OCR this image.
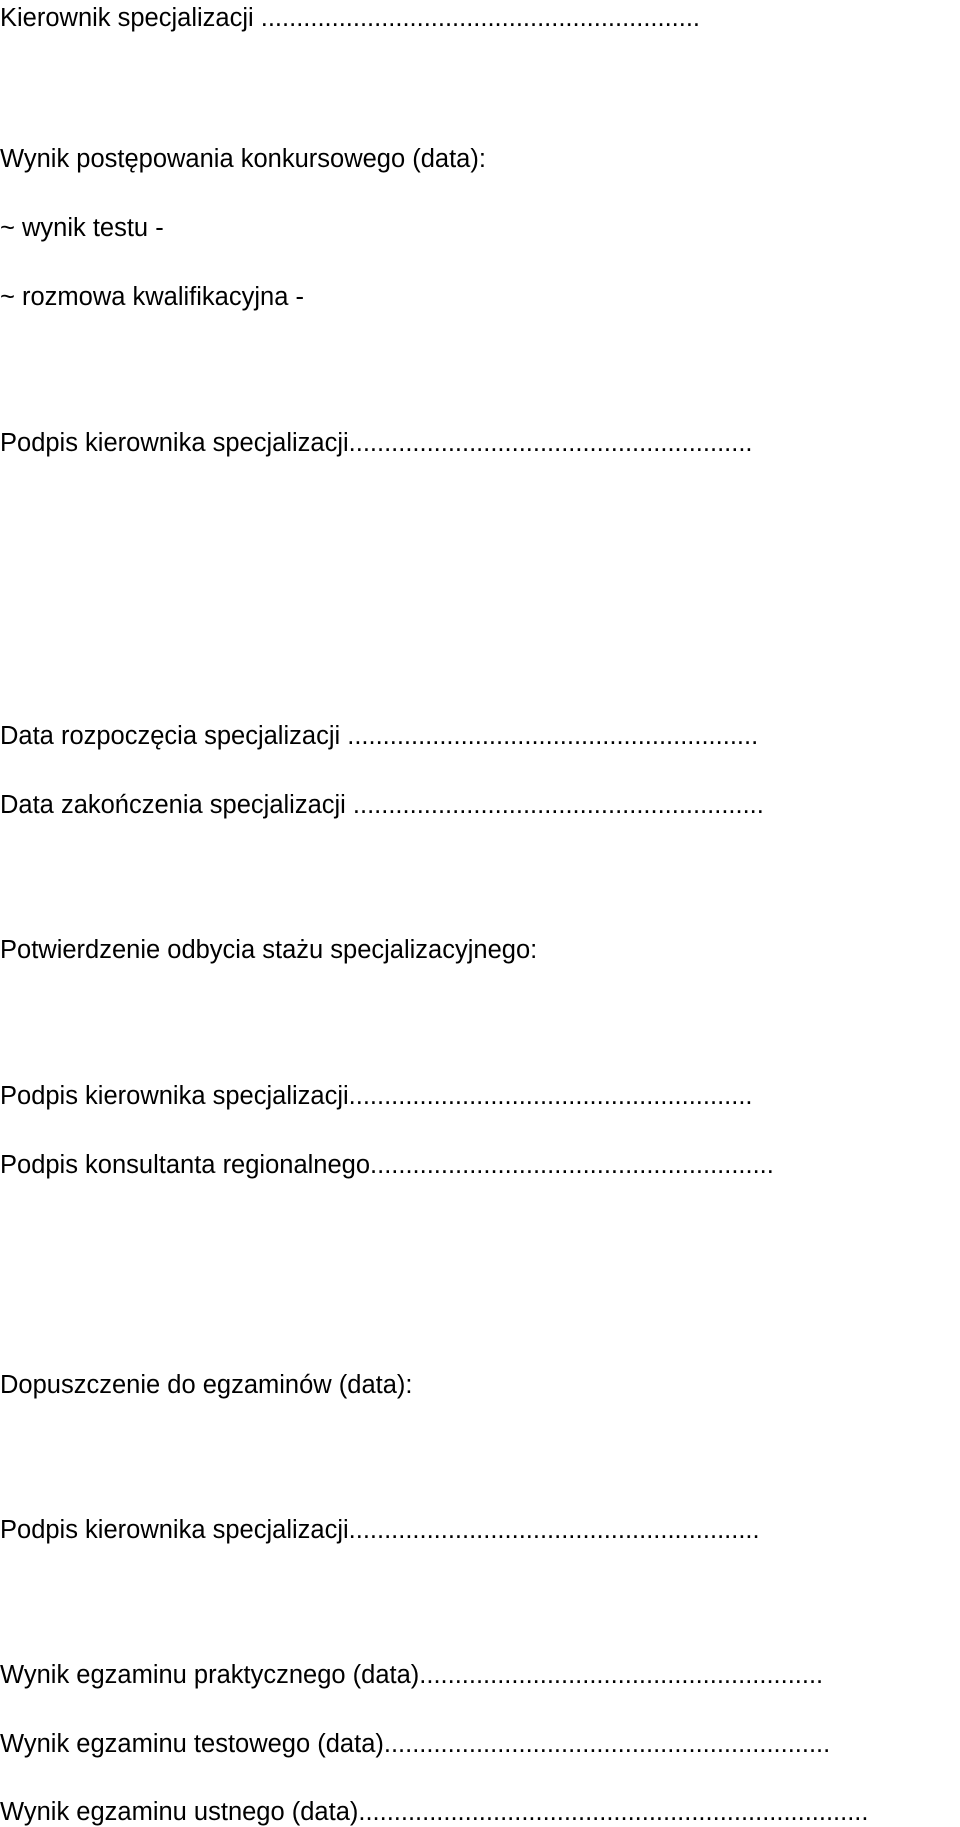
Kierownik specjalizacji ..............................................................
Wynik postępowania konkursowego (data):
~ wynik testu -
~ rozmowa kwalifikacyjna -
Podpis kierownika specjalizacji.........................................................
Data rozpoczęcia specjalizacji ..........................................................
Data zakończenia specjalizacji ..........................................................
Potwierdzenie odbycia stażu specjalizacyjnego:
Podpis kierownika specjalizacji.........................................................
Podpis konsultanta regionalnego.........................................................
Dopuszczenie do egzaminów (data):
Podpis kierownika specjalizacji..........................................................
Wynik egzaminu praktycznego (data).........................................................
Wynik egzaminu testowego (data)...............................................................
Wynik egzaminu ustnego (data)........................................................................
